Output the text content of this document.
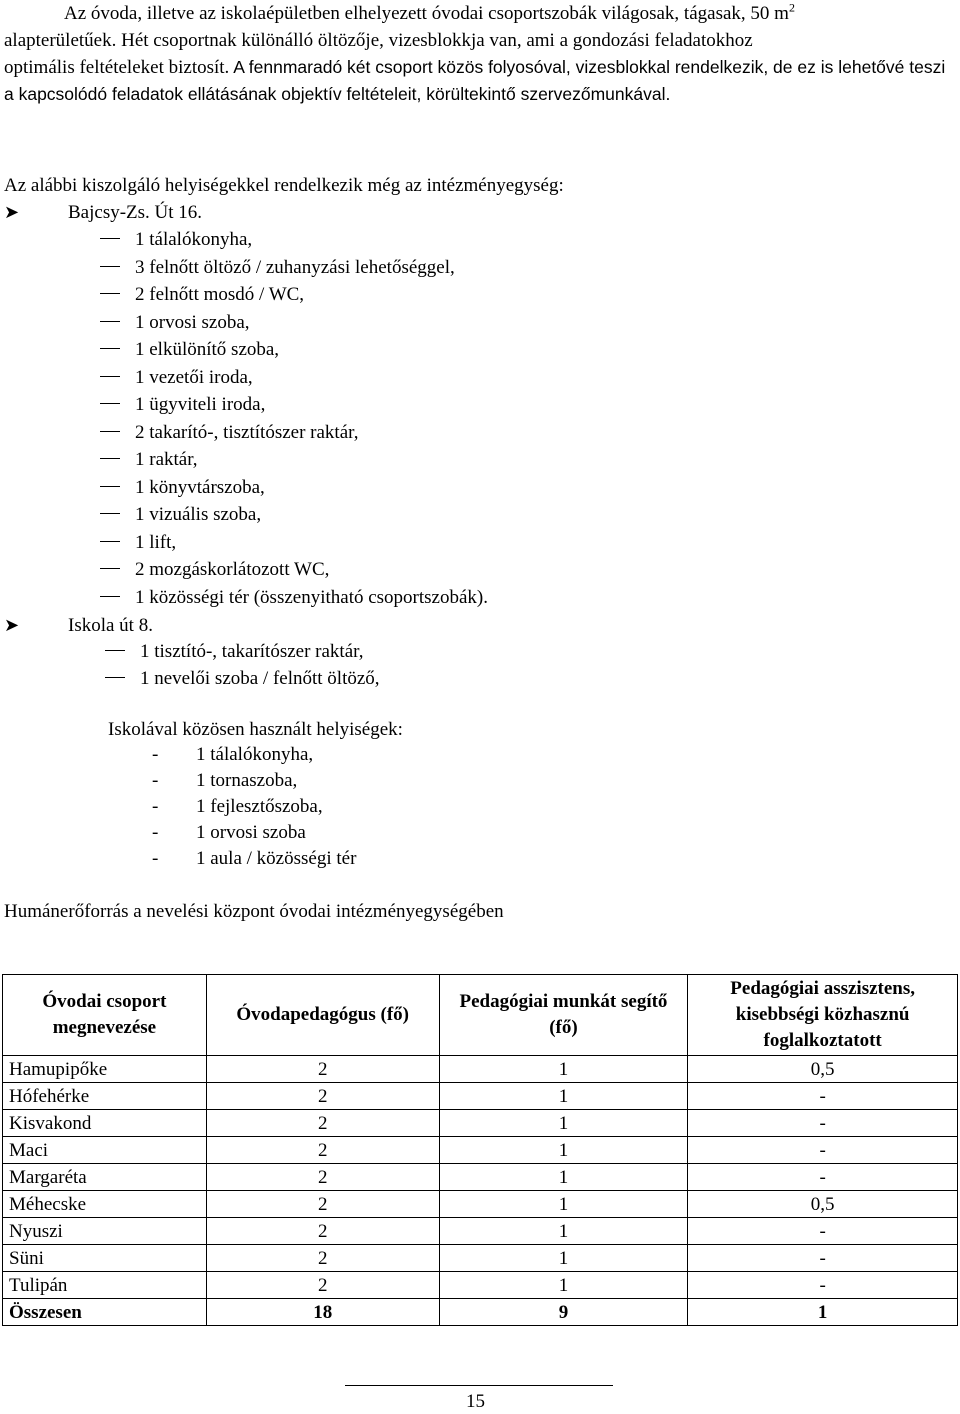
Az óvoda, illetve az iskolaépületben elhelyezett óvodai csoportszobák világosak, tágasak, 50 $m^2$
alapterületűek. Hét csoportnak különálló öltözője, vizesblokkja van, ami a gondozási feladatokhoz
optimális feltételeket biztosít. A fennmaradó két csoport közös folyosóval, vizesblokkal rendelkezik, de ez is lehetővé teszi a kapcsolódó feladatok ellátásának objektív feltételeit, körültekintő szervezőmunkával.
Az alábbi kiszolgáló helyiségekkel rendelkezik még az intézményegység:
➤	Bajcsy-Zs. Út 16.
1 tálalókonyha,
3 felnőtt öltöző / zuhanyzási lehetőséggel,
2 felnőtt mosdó / WC,
1 orvosi szoba,
1 elkülönítő szoba,
1 vezetői iroda,
1 ügyviteli iroda,
2 takarító-, tisztítószer raktár,
1 raktár,
1 könyvtárszoba,
1 vizuális szoba,
1 lift,
2 mozgáskorlátozott WC,
1 közösségi tér (összenyitható csoportszobák).
➤	Iskola út 8.
1 tisztító-, takarítószer raktár,
1 nevelői szoba / felnőtt öltöző,
Iskolával közösen használt helyiségek:
- 1 tálalókonyha,
- 1 tornaszoba,
- 1 fejlesztőszoba,
- 1 orvosi szoba
- 1 aula / közösségi tér
Humánerőforrás a nevelési központ óvodai intézményegységében
Óvodai csoport megnevezése	Óvodapedagógus (fő)	Pedagógiai munkát segítő (fő)	Pedagógiai asszisztens, kisebbségi közhasznú foglalkoztatott
Hamupipőke	2	1	0,5
Hófehérke	2	1	-
Kisvakond	2	1	-
Maci	2	1	-
Margaréta	2	1	-
Méhecske	2	1	0,5
Nyuszi	2	1	-
Süni	2	1	-
Tulipán	2	1	-
Összesen	18	9	1
15
